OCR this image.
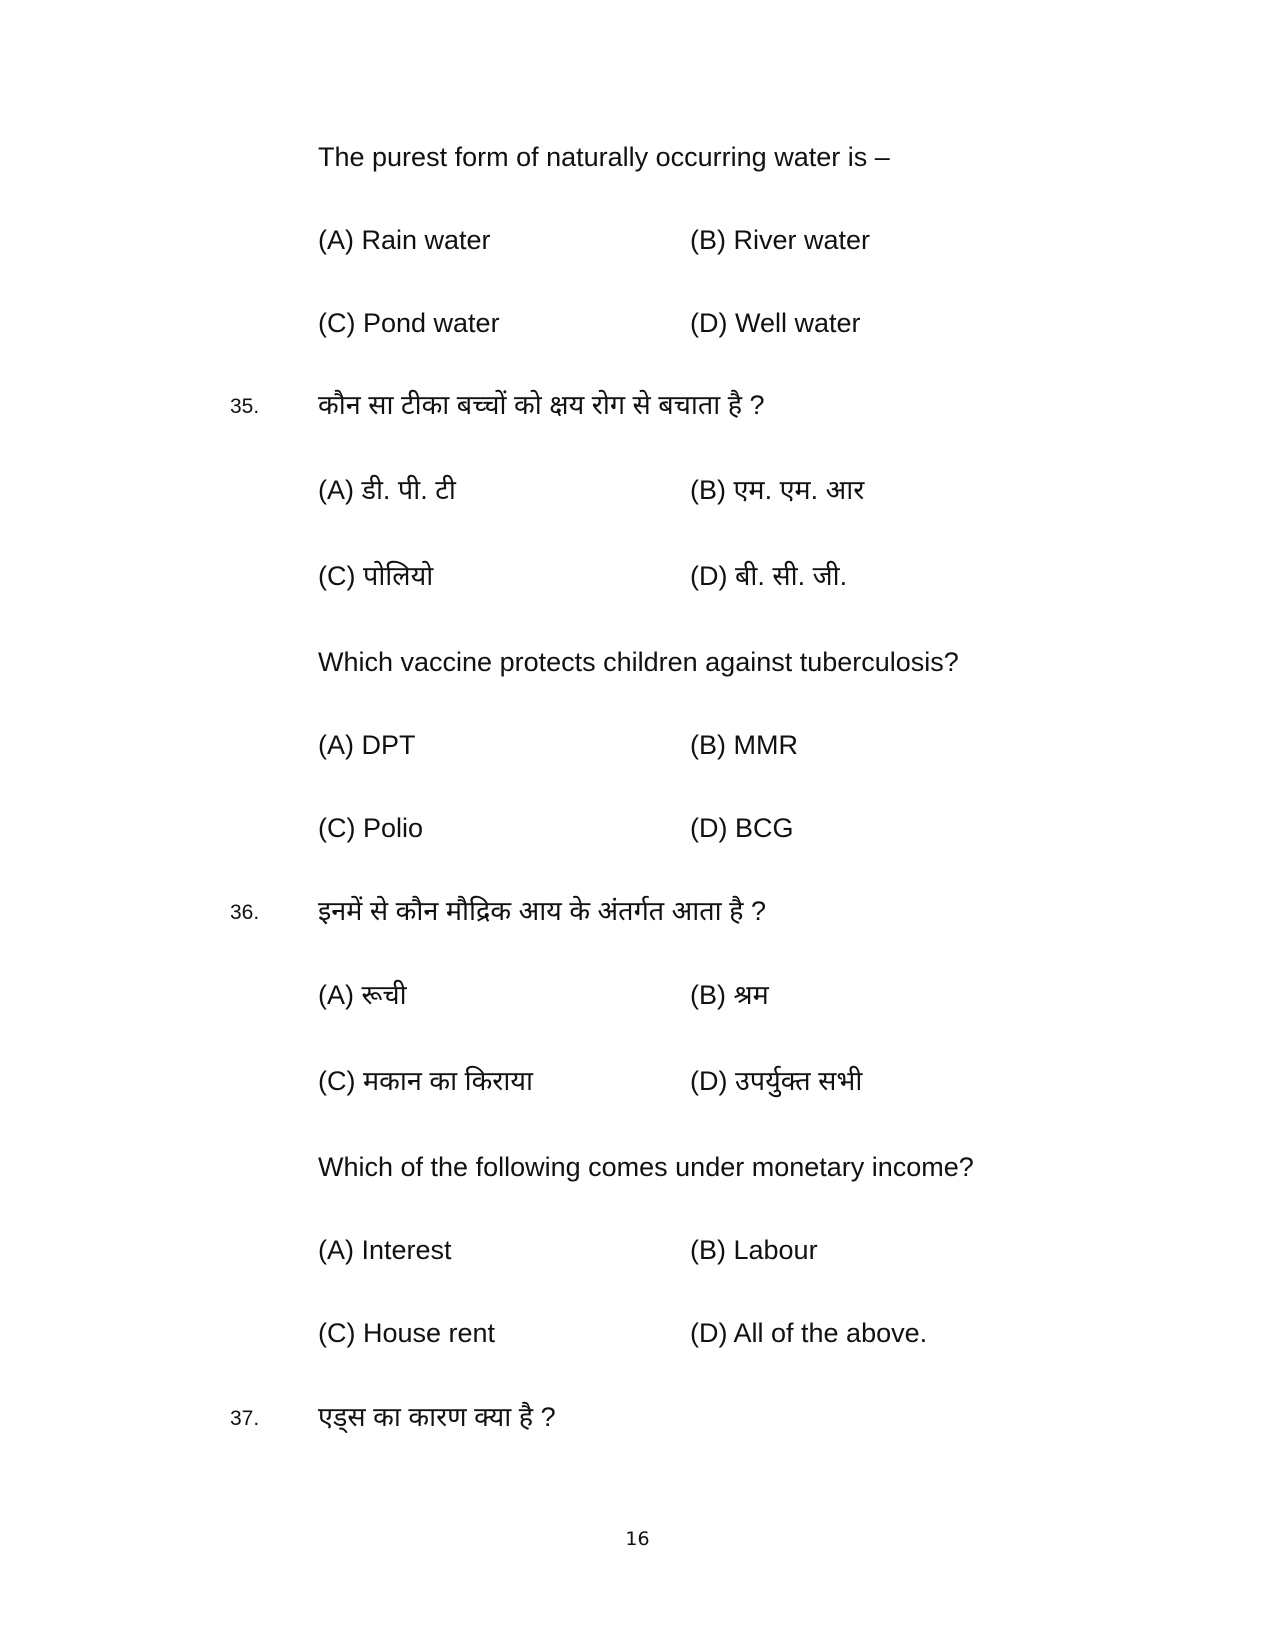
The purest form of naturally occurring water is –
(A) Rain water	(B) River water
(C) Pond water	(D) Well water
35. कौन सा टीका बच्चों को क्षय रोग से बचाता है ?
(A) डी. पी. टी	(B) एम. एम. आर
(C) पोलियो	(D) बी. सी. जी.
Which vaccine protects children against tuberculosis?
(A) DPT	(B) MMR
(C) Polio	(D) BCG
36. इनमें से कौन मौद्रिक आय के अंतर्गत आता है ?
(A) रूची	(B) श्रम
(C) मकान का किराया	(D) उपर्युक्त सभी
Which of the following comes under monetary income?
(A) Interest	(B) Labour
(C) House rent	(D) All of the above.
37. एड्स का कारण क्या है ?
16
